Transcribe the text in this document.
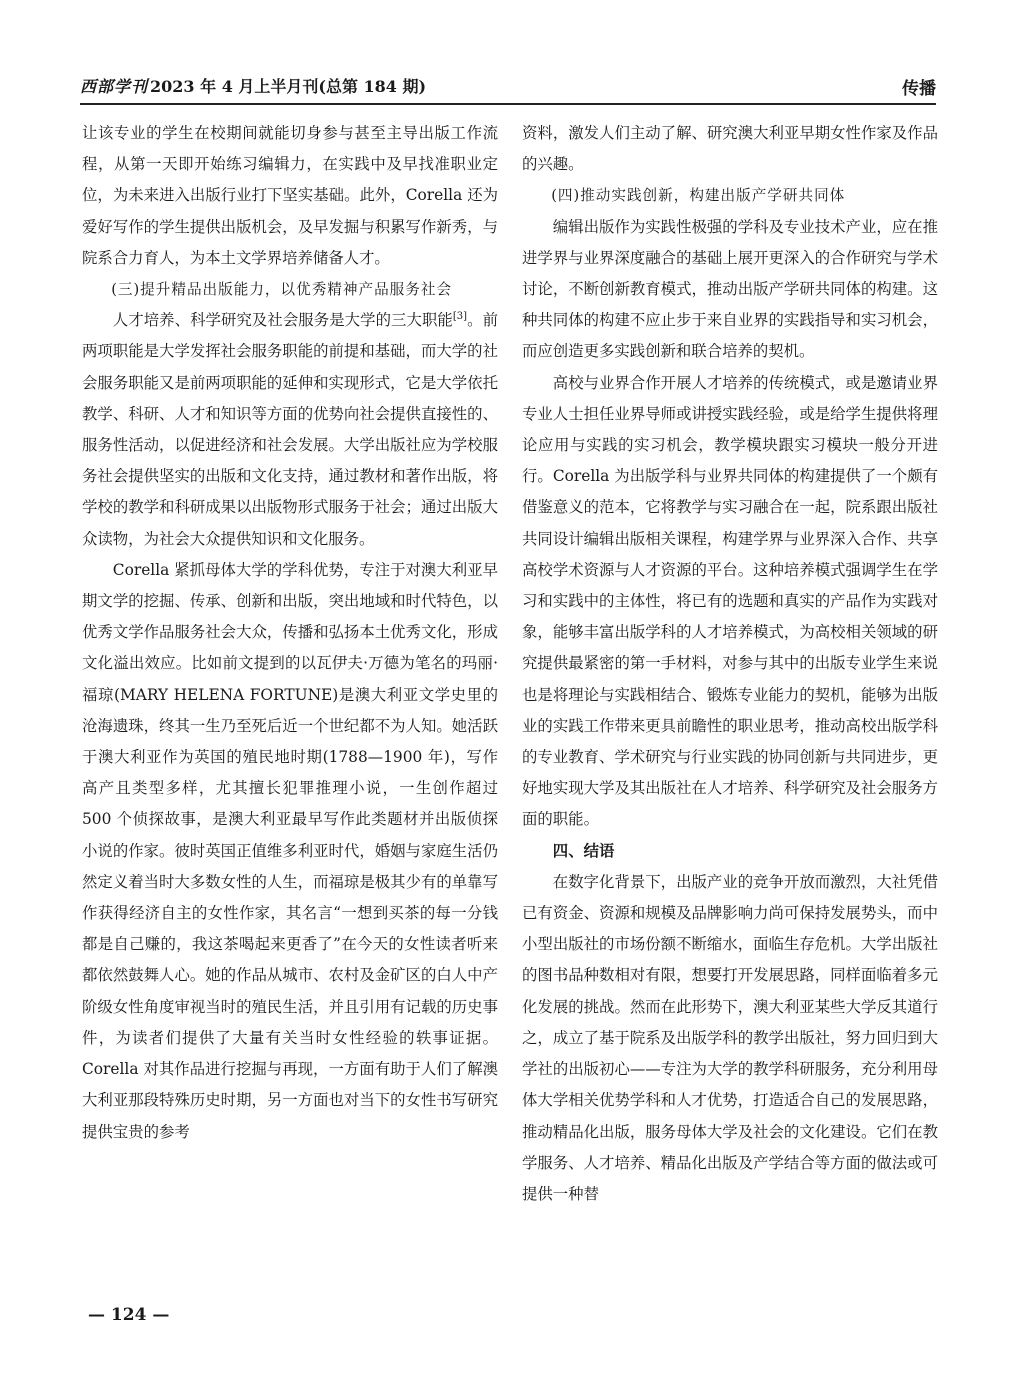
西部学刊 2023 年 4 月上半月刊(总第 184 期)	传播

让该专业的学生在校期间就能切身参与甚至主导出版工作流程，从第一天即开始练习编辑力，在实践中及早找准职业定位，为未来进入出版行业打下坚实基础。此外，Corella 还为爱好写作的学生提供出版机会，及早发掘与积累写作新秀，与院系合力育人，为本土文学界培养储备人才。

(三)提升精品出版能力，以优秀精神产品服务社会

人才培养、科学研究及社会服务是大学的三大职能[3]。前两项职能是大学发挥社会服务职能的前提和基础，而大学的社会服务职能又是前两项职能的延伸和实现形式，它是大学依托教学、科研、人才和知识等方面的优势向社会提供直接性的、服务性活动，以促进经济和社会发展。大学出版社应为学校服务社会提供坚实的出版和文化支持，通过教材和著作出版，将学校的教学和科研成果以出版物形式服务于社会；通过出版大众读物，为社会大众提供知识和文化服务。

Corella 紧抓母体大学的学科优势，专注于对澳大利亚早期文学的挖掘、传承、创新和出版，突出地域和时代特色，以优秀文学作品服务社会大众，传播和弘扬本土优秀文化，形成文化溢出效应。比如前文提到的以瓦伊夫·万德为笔名的玛丽·福琼(MARY HELENA FORTUNE)是澳大利亚文学史里的沧海遗珠，终其一生乃至死后近一个世纪都不为人知。她活跃于澳大利亚作为英国的殖民地时期(1788—1900 年)，写作高产且类型多样，尤其擅长犯罪推理小说，一生创作超过 500 个侦探故事，是澳大利亚最早写作此类题材并出版侦探小说的作家。彼时英国正值维多利亚时代，婚姻与家庭生活仍然定义着当时大多数女性的人生，而福琼是极其少有的单靠写作获得经济自主的女性作家，其名言“一想到买茶的每一分钱都是自己赚的，我这茶喝起来更香了”在今天的女性读者听来都依然鼓舞人心。她的作品从城市、农村及金矿区的白人中产阶级女性角度审视当时的殖民生活，并且引用有记载的历史事件，为读者们提供了大量有关当时女性经验的轶事证据。Corella 对其作品进行挖掘与再现，一方面有助于人们了解澳大利亚那段特殊历史时期，另一方面也对当下的女性书写研究提供宝贵的参考

资料，激发人们主动了解、研究澳大利亚早期女性作家及作品的兴趣。

(四)推动实践创新，构建出版产学研共同体

编辑出版作为实践性极强的学科及专业技术产业，应在推进学界与业界深度融合的基础上展开更深入的合作研究与学术讨论，不断创新教育模式，推动出版产学研共同体的构建。这种共同体的构建不应止步于来自业界的实践指导和实习机会，而应创造更多实践创新和联合培养的契机。

高校与业界合作开展人才培养的传统模式，或是邀请业界专业人士担任业界导师或讲授实践经验，或是给学生提供将理论应用与实践的实习机会，教学模块跟实习模块一般分开进行。Corella 为出版学科与业界共同体的构建提供了一个颇有借鉴意义的范本，它将教学与实习融合在一起，院系跟出版社共同设计编辑出版相关课程，构建学界与业界深入合作、共享高校学术资源与人才资源的平台。这种培养模式强调学生在学习和实践中的主体性，将已有的选题和真实的产品作为实践对象，能够丰富出版学科的人才培养模式，为高校相关领域的研究提供最紧密的第一手材料，对参与其中的出版专业学生来说也是将理论与实践相结合、锻炼专业能力的契机，能够为出版业的实践工作带来更具前瞻性的职业思考，推动高校出版学科的专业教育、学术研究与行业实践的协同创新与共同进步，更好地实现大学及其出版社在人才培养、科学研究及社会服务方面的职能。

四、结语

在数字化背景下，出版产业的竞争开放而激烈，大社凭借已有资金、资源和规模及品牌影响力尚可保持发展势头，而中小型出版社的市场份额不断缩水，面临生存危机。大学出版社的图书品种数相对有限，想要打开发展思路，同样面临着多元化发展的挑战。然而在此形势下，澳大利亚某些大学反其道行之，成立了基于院系及出版学科的教学出版社，努力回归到大学社的出版初心——专注为大学的教学科研服务，充分利用母体大学相关优势学科和人才优势，打造适合自己的发展思路，推动精品化出版，服务母体大学及社会的文化建设。它们在教学服务、人才培养、精品化出版及产学结合等方面的做法或可提供一种替

— 124 —
